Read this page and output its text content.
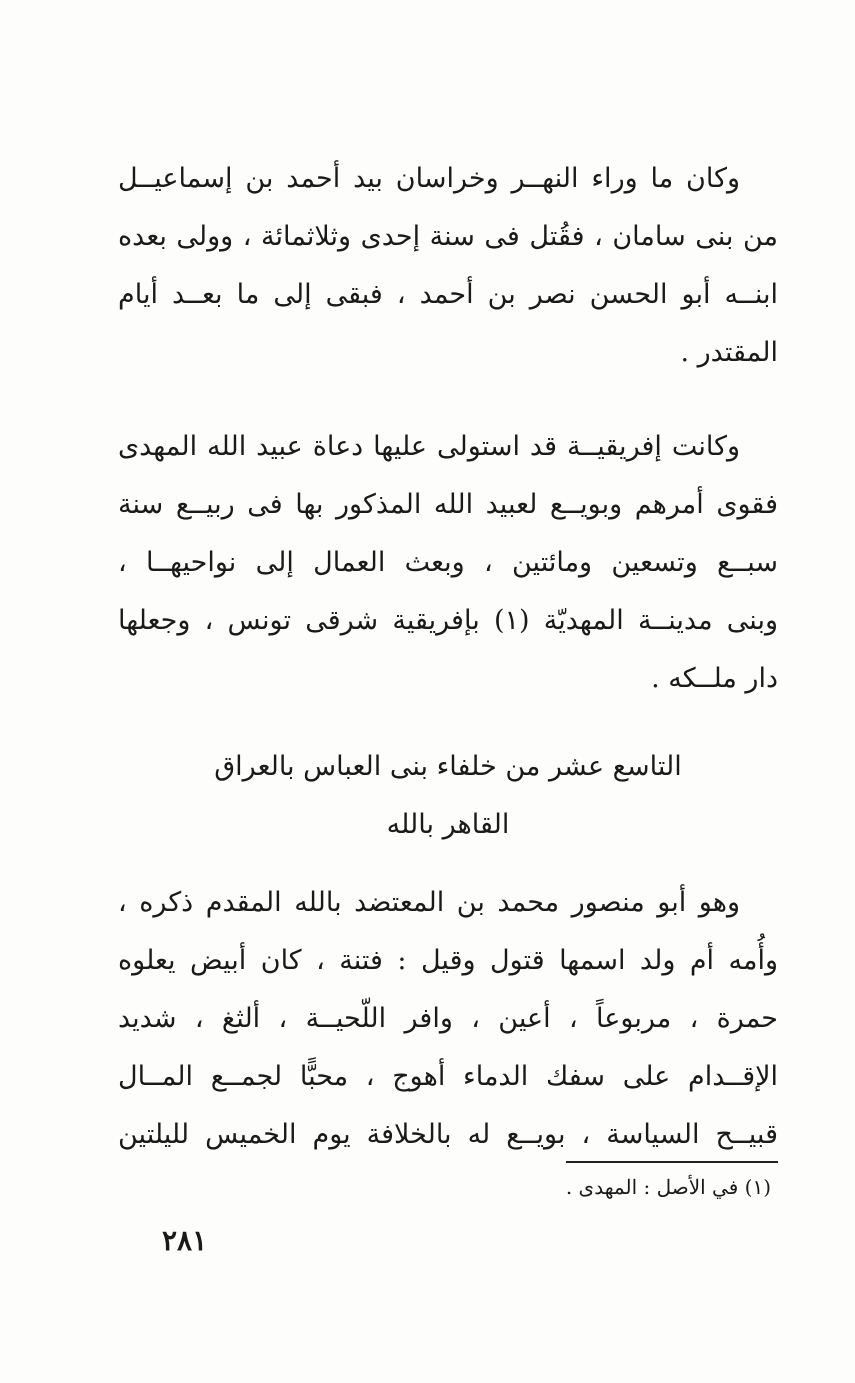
وكان ما وراء النهــر وخراسان بيد أحمد بن إسماعيــل
من بنى سامان ، فقُتل فى سنة إحدى وثلاثمائة ، وولى بعده
ابنــه أبو الحسن نصر بن أحمد ، فبقى إلى ما بعــد أيام
المقتدر .
وكانت إفريقيــة قد استولى عليها دعاة عبيد الله المهدى
فقوى أمرهم وبويــع لعبيد الله المذكور بها فى ربيــع سنة
سبــع وتسعين ومائتين ، وبعث العمال إلى نواحيهــا ،
وبنى مدينــة المهديّة (١) بإفريقية شرقى تونس ، وجعلها
دار ملــكه .
التاسع عشر من خلفاء بنى العباس بالعراق
القاهر بالله
وهو أبو منصور محمد بن المعتضد بالله المقدم ذكره ،
وأُمه أم ولد اسمها قتول وقيل : فتنة ، كان أبيض يعلوه
حمرة ، مربوعاً ، أعين ، وافر اللّحيــة ، ألثغ ، شديد
الإقــدام على سفك الدماء أهوج ، محبًّا لجمــع المــال
قبيــح السياسة ، بويــع له بالخلافة يوم الخميس لليلتين
(١) في الأصل : المهدى .
٢٨١
